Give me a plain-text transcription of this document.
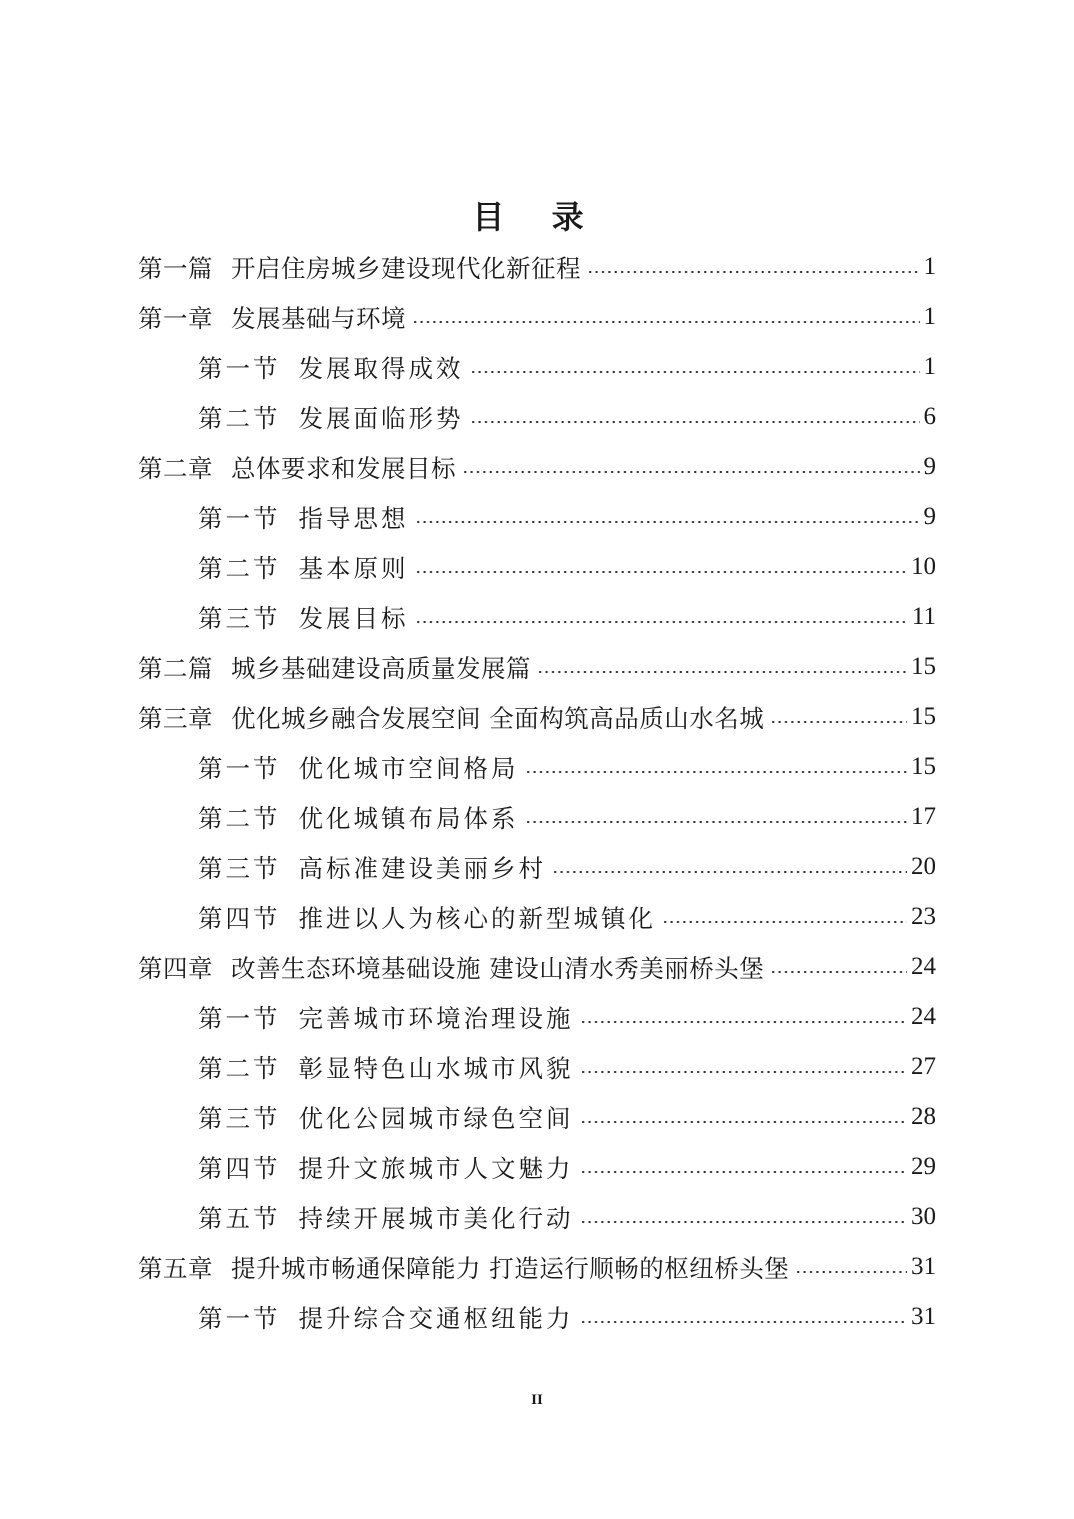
目 录
第一篇 开启住房城乡建设现代化新征程	1
第一章 发展基础与环境	1
第一节 发展取得成效	1
第二节 发展面临形势	6
第二章 总体要求和发展目标	9
第一节 指导思想	9
第二节 基本原则	10
第三节 发展目标	11
第二篇 城乡基础建设高质量发展篇	15
第三章 优化城乡融合发展空间 全面构筑高品质山水名城	15
第一节 优化城市空间格局	15
第二节 优化城镇布局体系	17
第三节 高标准建设美丽乡村	20
第四节 推进以人为核心的新型城镇化	23
第四章 改善生态环境基础设施 建设山清水秀美丽桥头堡	24
第一节 完善城市环境治理设施	24
第二节 彰显特色山水城市风貌	27
第三节 优化公园城市绿色空间	28
第四节 提升文旅城市人文魅力	29
第五节 持续开展城市美化行动	30
第五章 提升城市畅通保障能力 打造运行顺畅的枢纽桥头堡	31
第一节 提升综合交通枢纽能力	31
II
